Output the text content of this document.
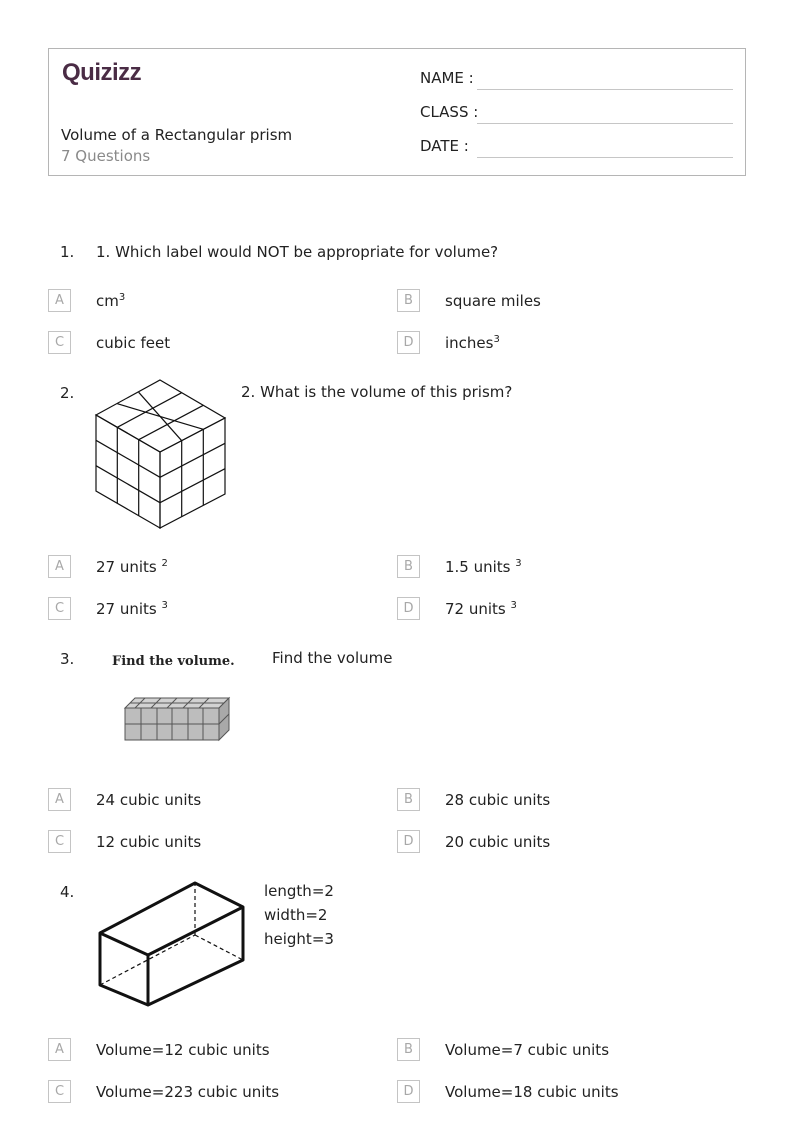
Quizizz
Volume of a Rectangular prism
7 Questions
NAME :
CLASS :
DATE :
1. 1. Which label would NOT be appropriate for volume?
A	$cm^3$	B	square miles
C	cubic feet	D	inches$^3$
2.	2. What is the volume of this prism?
A	27 units $^2$	B	1.5 units $^3$
C	27 units $^3$	D	72 units $^3$
3.	Find the volume. Find the volume
A	24 cubic units	B	28 cubic units
C	12 cubic units	D	20 cubic units
4.	length=2
width=2
height=3
A	Volume=12 cubic units	B	Volume=7 cubic units
C	Volume=223 cubic units	D	Volume=18 cubic units
